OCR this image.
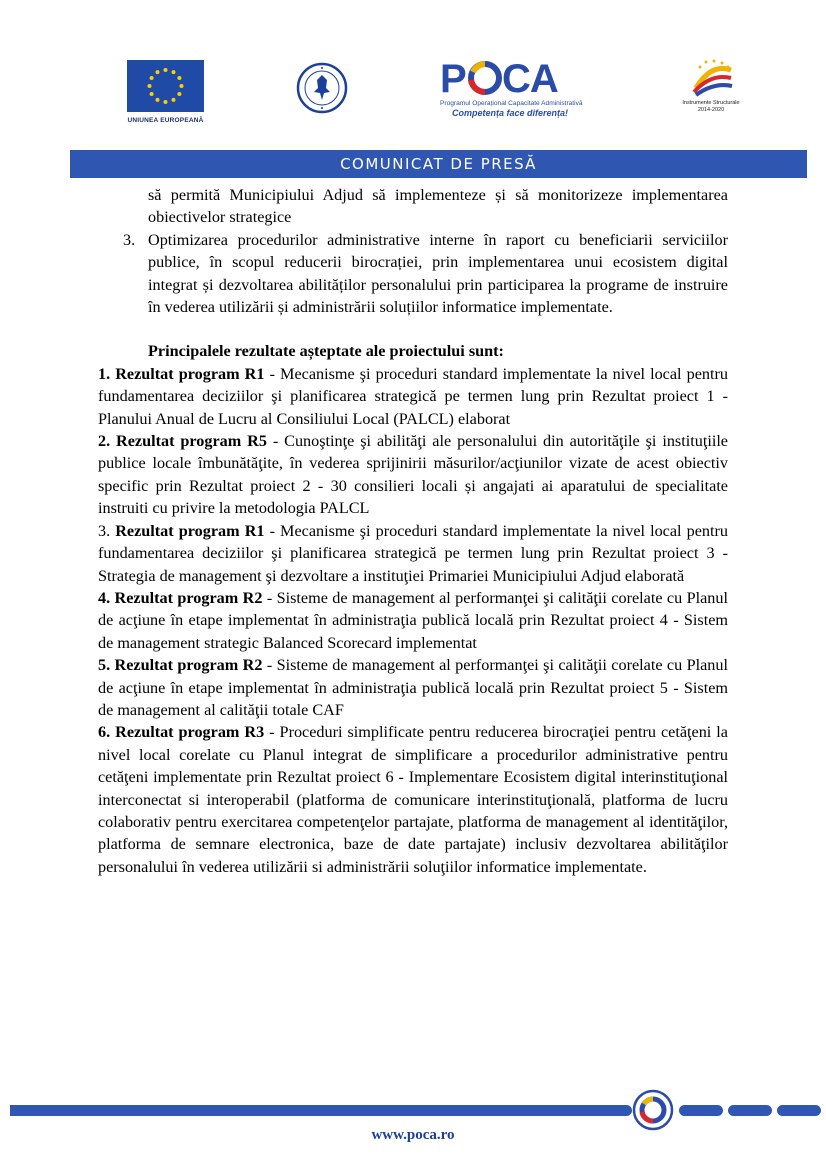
UNIUNEA EUROPEANĂ
P CA
Programul Operațional Capacitate Administrativă
Competența face diferența!
Instrumente Structurale
2014-2020
COMUNICAT DE PRESĂ
să permită Municipiului Adjud să implementeze și să monitorizeze implementarea obiectivelor strategice
3. Optimizarea procedurilor administrative interne în raport cu beneficiarii serviciilor publice, în scopul reducerii birocrației, prin implementarea unui ecosistem digital integrat și dezvoltarea abilităților personalului prin participarea la programe de instruire în vederea utilizării și administrării soluțiilor informatice implementate.
Principalele rezultate așteptate ale proiectului sunt:
1. Rezultat program R1 - Mecanisme şi proceduri standard implementate la nivel local pentru fundamentarea deciziilor şi planificarea strategică pe termen lung prin Rezultat proiect 1 - Planului Anual de Lucru al Consiliului Local (PALCL) elaborat
2. Rezultat program R5 - Cunoştinţe şi abilităţi ale personalului din autorităţile şi instituţiile publice locale îmbunătăţite, în vederea sprijinirii măsurilor/acţiunilor vizate de acest obiectiv specific prin Rezultat proiect 2 - 30 consilieri locali și angajati ai aparatului de specialitate instruiti cu privire la metodologia PALCL
3. Rezultat program R1 - Mecanisme şi proceduri standard implementate la nivel local pentru fundamentarea deciziilor şi planificarea strategică pe termen lung prin Rezultat proiect 3 - Strategia de management şi dezvoltare a instituţiei Primariei Municipiului Adjud elaborată
4. Rezultat program R2 - Sisteme de management al performanţei şi calităţii corelate cu Planul de acţiune în etape implementat în administraţia publică locală prin Rezultat proiect 4 - Sistem de management strategic Balanced Scorecard implementat
5. Rezultat program R2 - Sisteme de management al performanţei şi calităţii corelate cu Planul de acţiune în etape implementat în administraţia publică locală prin Rezultat proiect 5 - Sistem de management al calităţii totale CAF
6. Rezultat program R3 - Proceduri simplificate pentru reducerea birocraţiei pentru cetăţeni la nivel local corelate cu Planul integrat de simplificare a procedurilor administrative pentru cetăţeni implementate prin Rezultat proiect 6 - Implementare Ecosistem digital interinstituţional interconectat si interoperabil (platforma de comunicare interinstituţională, platforma de lucru colaborativ pentru exercitarea competenţelor partajate, platforma de management al identităţilor, platforma de semnare electronica, baze de date partajate) inclusiv dezvoltarea abilităţilor personalului în vederea utilizării si administrării soluţiilor informatice implementate.
www.poca.ro
